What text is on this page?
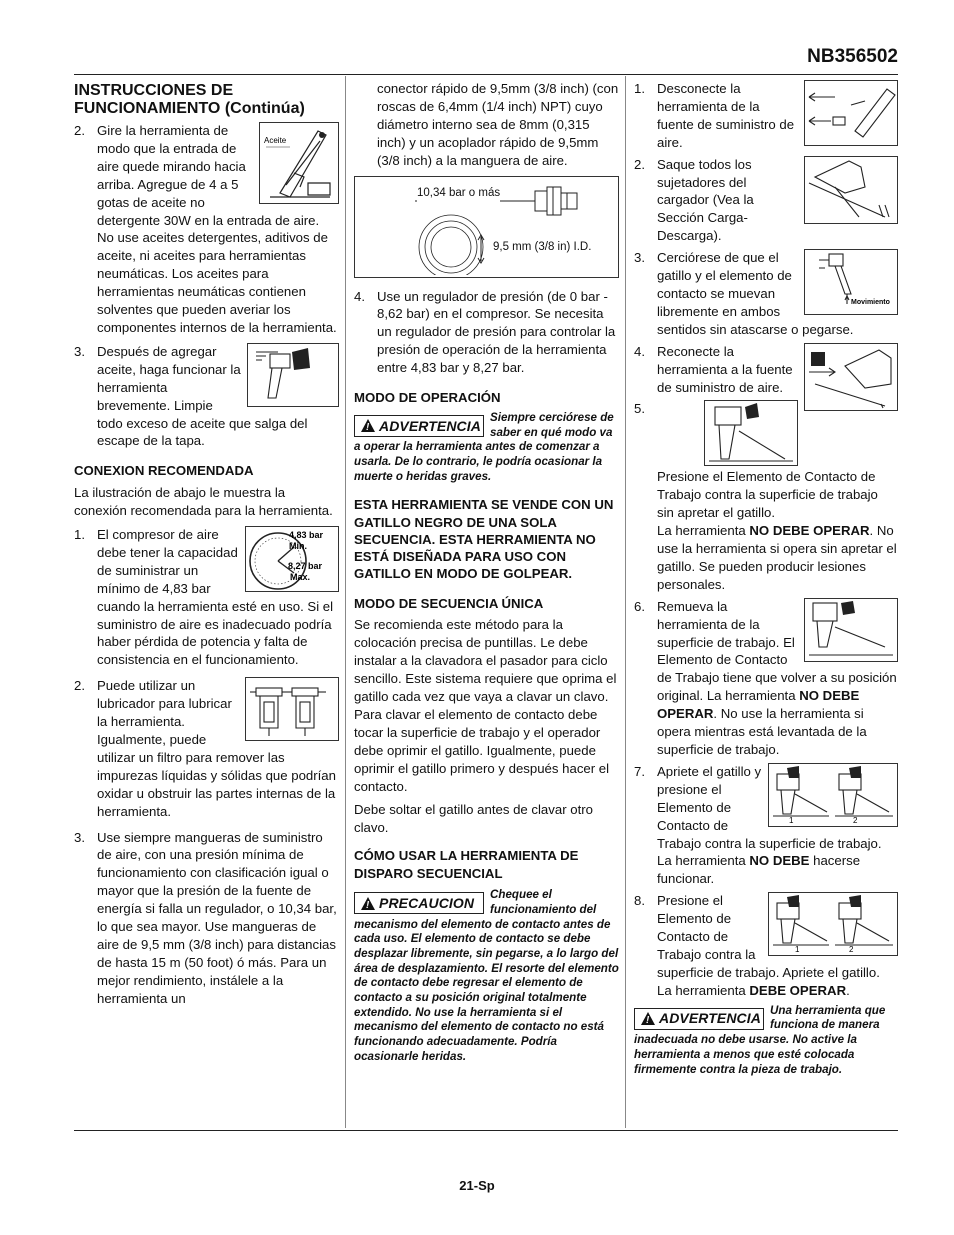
NB356502
INSTRUCCIONES DE FUNCIONAMIENTO (Continúa)
2.
Aceite
Gire la herramienta de modo que la entrada de aire quede mirando hacia arriba. Agregue de 4 a 5 gotas de aceite no detergente 30W en la entrada de aire. No use aceites detergentes, aditivos de aceite, ni aceites para herramientas neumáticas. Los aceites para herramientas neumáticas contienen solventes que pueden averiar los componentes internos de la herramienta.
3. Después de agregar aceite, haga funcionar la herramienta brevemente. Limpie todo exceso de aceite que salga del escape de la tapa.
CONEXION RECOMENDADA

La ilustración de abajo le muestra la conexión recomendada para la herramienta.

1.	4,83 bar
Min.
8,27 bar
Max.
El compresor de aire debe tener la capacidad de suministrar un mínimo de 4,83 bar cuando la herramienta esté en uso. Si el suministro de aire es inadecuado podría haber pérdida de potencia y falta de consistencia en el funcionamiento.
2. Puede utilizar un lubricador para lubricar la herramienta. Igualmente, puede utilizar un filtro para remover las impurezas líquidas y sólidas que podrían oxidar u obstruir las partes internas de la herramienta.
3. Use siempre mangueras de suministro de aire, con una presión mínima de funcionamiento con clasificación igual o mayor que la presión de la fuente de energía si falla un regulador, o 10,34 bar, lo que sea mayor. Use mangueras de aire de 9,5 mm (3/8 inch) para distancias de hasta 15 m (50 foot) ó más. Para un mejor rendimiento, instálele a la herramienta un
conector rápido de 9,5mm (3/8 inch) (con roscas de 6,4mm (1/4 inch) NPT) cuyo diámetro interno sea de 8mm (0,315 inch) y un acoplador rápido de 9,5mm (3/8 inch) a la manguera de aire.
10,34 bar o más
9,5 mm (3/8 in) I.D.
4. Use un regulador de presión (de 0 bar - 8,62 bar) en el compresor. Se necesita un regulador de presión para controlar la presión de operación de la herramienta entre 4,83 bar y 8,27 bar.
MODO DE OPERACIÓN
!
ADVERTENCIA
Siempre cerciórese de saber en qué modo va a operar la herramienta antes de comenzar a usarla. De lo contrario, le podría ocasionar la muerte o heridas graves.
ESTA HERRAMIENTA SE VENDE CON UN GATILLO NEGRO DE UNA SOLA SECUENCIA. ESTA HERRAMIENTA NO ESTÁ DISEÑADA PARA USO CON GATILLO EN MODO DE GOLPEAR.
MODO DE SECUENCIA ÚNICA

Se recomienda este método para la colocación precisa de puntillas. Le debe instalar a la clavadora el pasador para ciclo sencillo. Este sistema requiere que oprima el gatillo cada vez que vaya a clavar un clavo. Para clavar el elemento de contacto debe tocar la superficie de trabajo y el operador debe oprimir el gatillo. Igualmente, puede oprimir el gatillo primero y después hacer el contacto.

Debe soltar el gatillo antes de clavar otro clavo.

CÓMO USAR LA HERRAMIENTA DE DISPARO SECUENCIAL
!
PRECAUCION
Chequee el funcionamiento del mecanismo del elemento de contacto antes de cada uso. El elemento de contacto se debe desplazar libremente, sin pegarse, a lo largo del área de desplazamiento. El resorte del elemento de contacto debe regresar el elemento de contacto a su posición original totalmente extendido. No use la herramienta si el mecanismo del elemento de contacto no está funcionando adecuadamente. Podría ocasionarle heridas.
1. Desconecte la herramienta de la fuente de suministro de aire.
2. Saque todos los sujetadores del cargador (Vea la Sección Carga-Descarga).
3.
Movimiento
Cerciórese de que el gatillo y el elemento de contacto se muevan libremente en ambos sentidos sin atascarse o pegarse.
4. Reconecte la herramienta a la fuente de suministro de aire.
5.
Presione el Elemento de Contacto de Trabajo contra la superficie de trabajo sin apretar el gatillo.
La herramienta NO DEBE OPERAR. No use la herramienta si opera sin apretar el gatillo. Se pueden producir lesiones personales.
6. Remueva la herramienta de la superficie de trabajo. El Elemento de Contacto de Trabajo tiene que volver a su posición original. La herramienta NO DEBE OPERAR. No use la herramienta si opera mientras está levantada de la superficie de trabajo.
7.
1	2
Apriete el gatillo y presione el Elemento de Contacto de Trabajo contra la superficie de trabajo. La herramienta NO DEBE hacerse funcionar.
8.
1	2
Presione el Elemento de Contacto de Trabajo contra la superficie de trabajo. Apriete el gatillo. La herramienta DEBE OPERAR.
!
ADVERTENCIA
Una herramienta que funciona de manera inadecuada no debe usarse. No active la herramienta a menos que esté colocada firmemente contra la pieza de trabajo.
21-Sp
